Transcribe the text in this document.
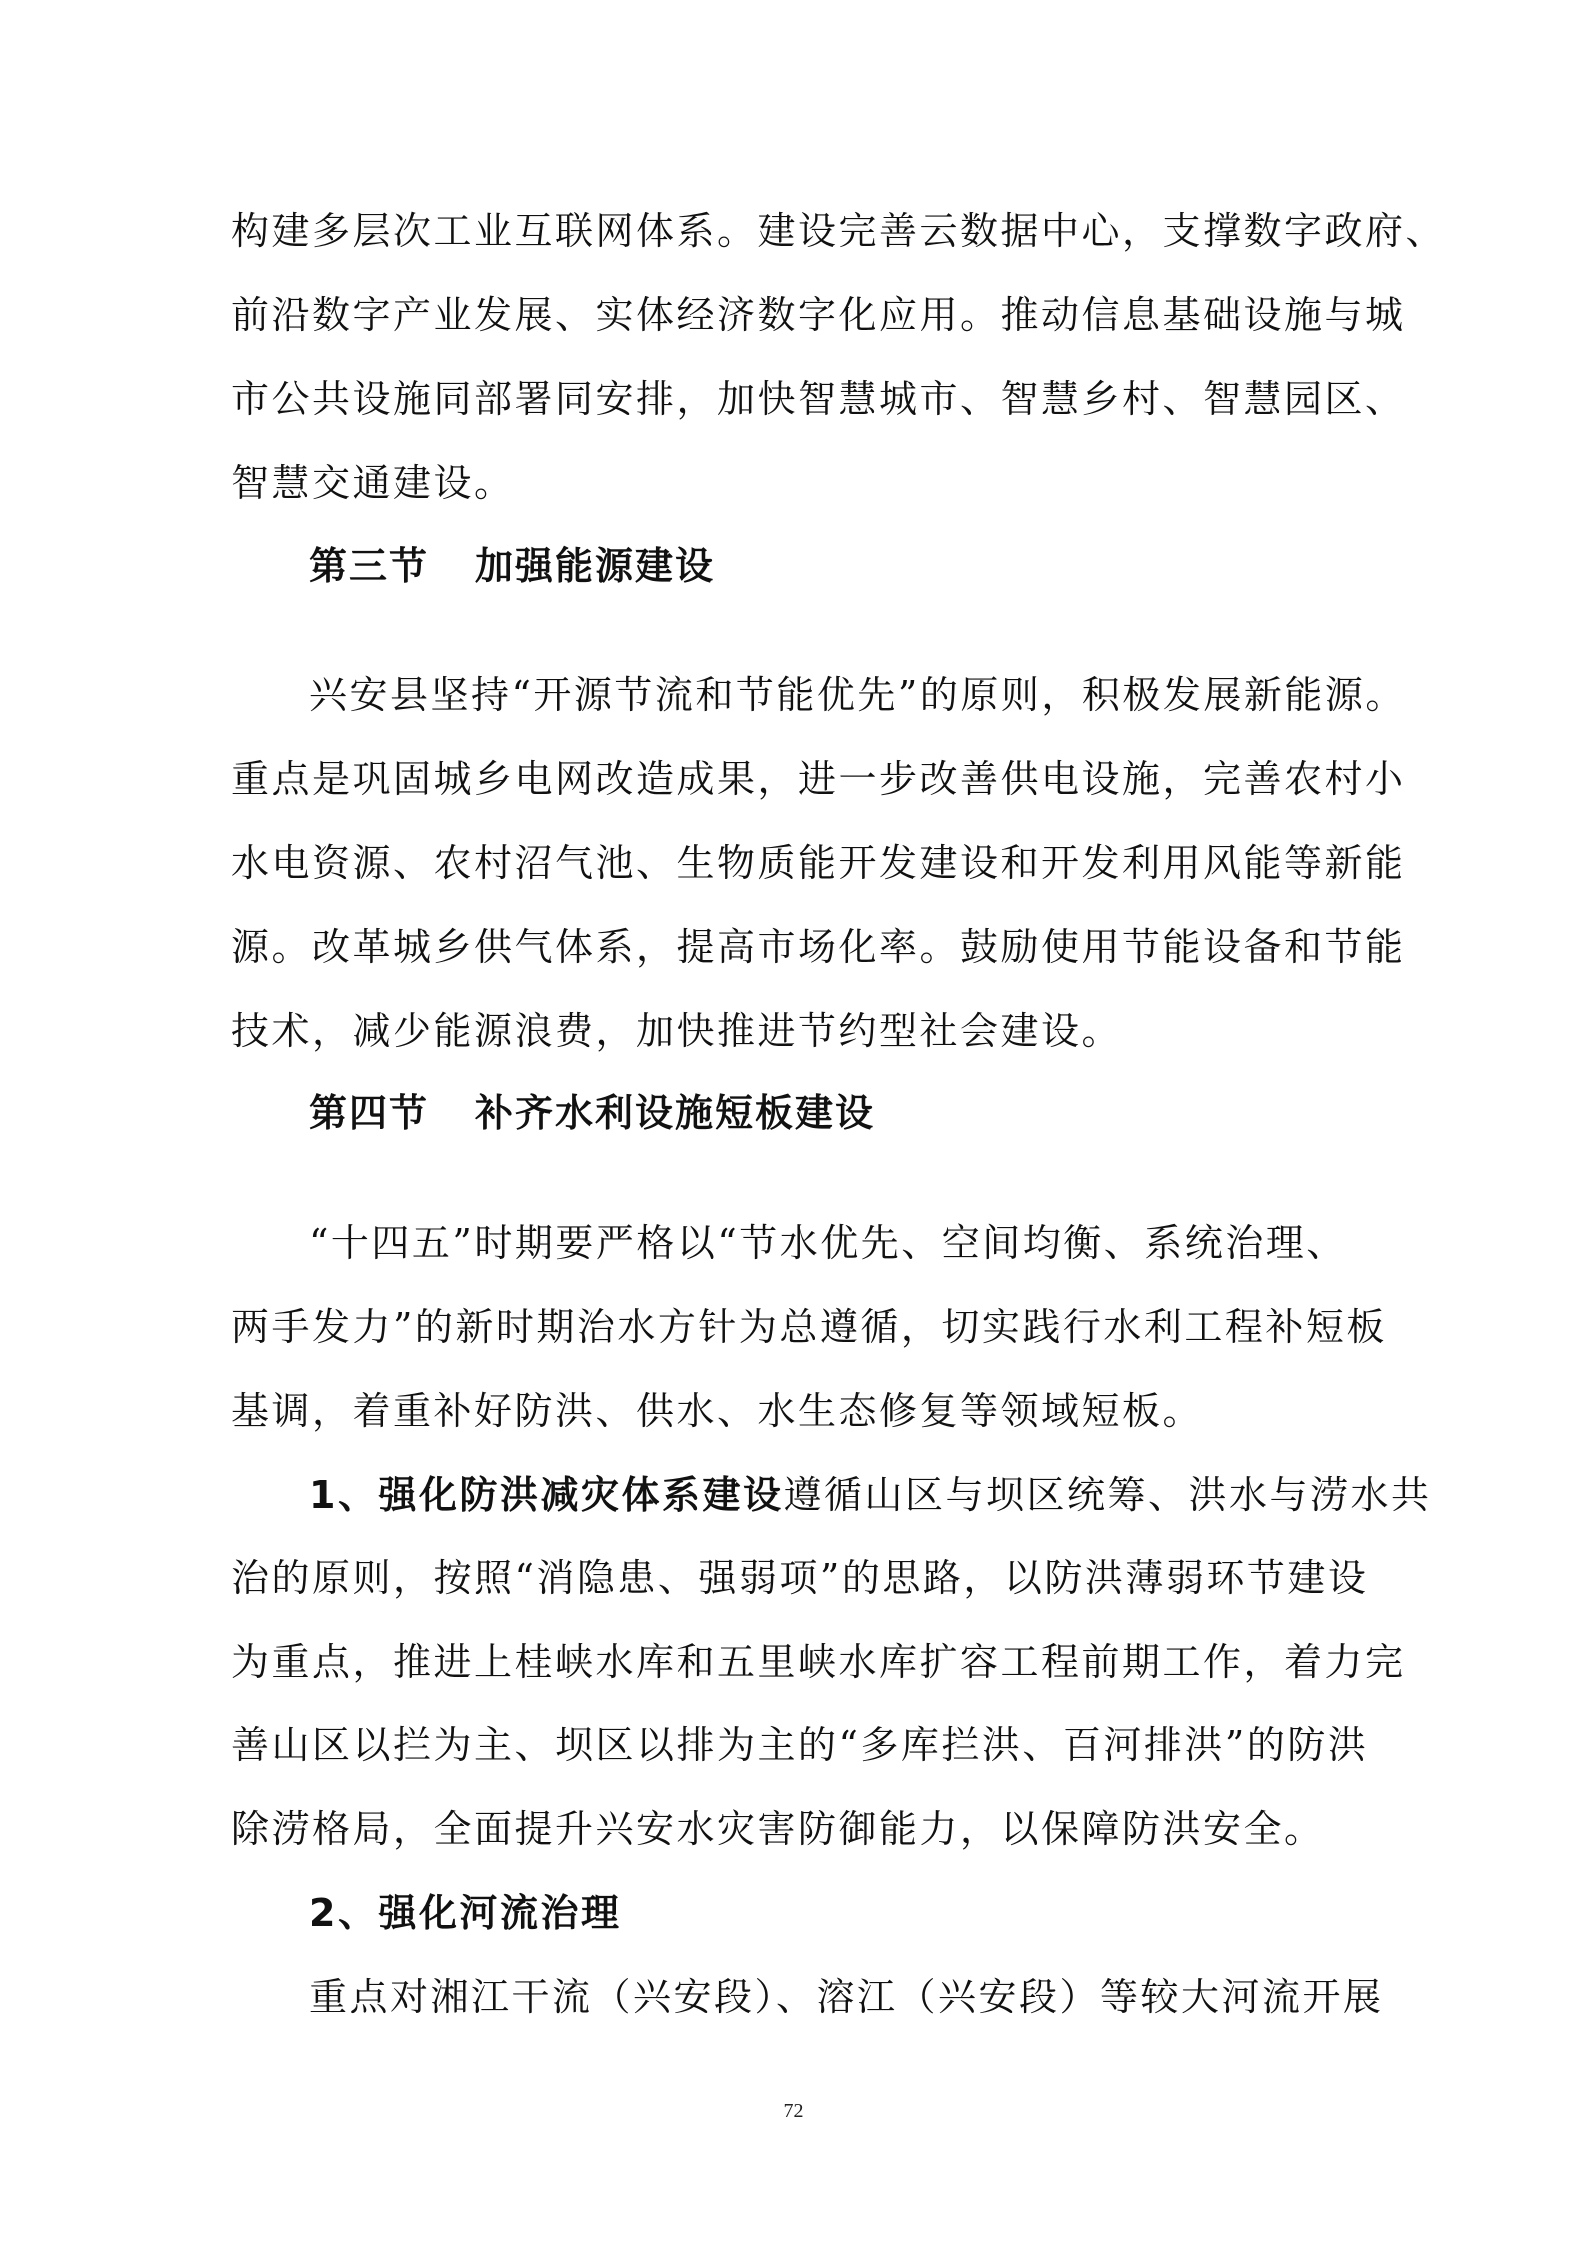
构建多层次工业互联网体系。建设完善云数据中心，支撑数字政府、
前沿数字产业发展、实体经济数字化应用。推动信息基础设施与城
市公共设施同部署同安排，加快智慧城市、智慧乡村、智慧园区、
智慧交通建设。
第三节 加强能源建设
兴安县坚持“开源节流和节能优先”的原则，积极发展新能源。
重点是巩固城乡电网改造成果，进一步改善供电设施，完善农村小
水电资源、农村沼气池、生物质能开发建设和开发利用风能等新能
源。改革城乡供气体系，提高市场化率。鼓励使用节能设备和节能
技术，减少能源浪费，加快推进节约型社会建设。
第四节 补齐水利设施短板建设
“十四五”时期要严格以“节水优先、空间均衡、系统治理、
两手发力”的新时期治水方针为总遵循，切实践行水利工程补短板
基调，着重补好防洪、供水、水生态修复等领域短板。
1、强化防洪减灾体系建设遵循山区与坝区统筹、洪水与涝水共
治的原则，按照“消隐患、强弱项”的思路，以防洪薄弱环节建设
为重点，推进上桂峡水库和五里峡水库扩容工程前期工作，着力完
善山区以拦为主、坝区以排为主的“多库拦洪、百河排洪”的防洪
除涝格局，全面提升兴安水灾害防御能力，以保障防洪安全。
2、强化河流治理
重点对湘江干流（兴安段）、溶江（兴安段）等较大河流开展
72
